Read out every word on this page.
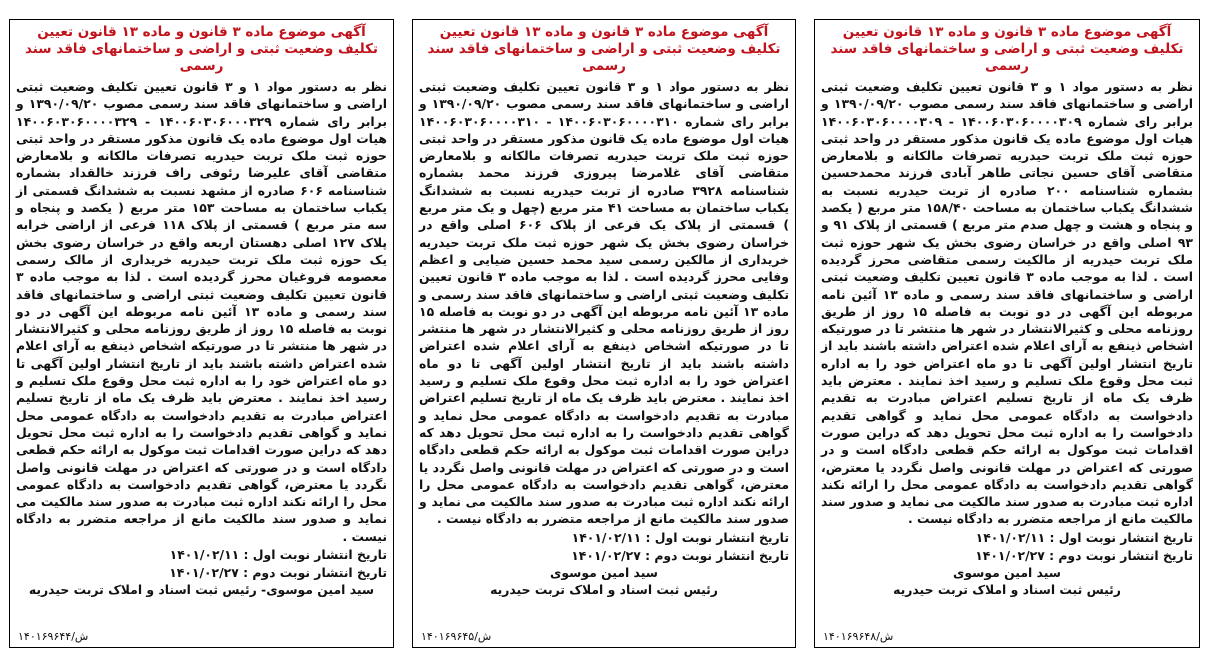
آگهی موضوع ماده ۳ قانون و ماده ۱۳ قانون تعیین تکلیف وضعیت ثبتی و اراضی و ساختمانهای فاقد سند رسمی

نظر به دستور مواد ۱ و ۳ قانون تعیین تکلیف وضعیت ثبتی اراضی و ساختمانهای فاقد سند رسمی مصوب ۱۳۹۰/۰۹/۲۰ و برابر رای شماره ۱۴۰۰۶۰۳۰۶۰۰۰۳۲۹ - ۱۴۰۰۶۰۳۰۶۰۰۰۰۳۲۹ هیات اول موضوع ماده یک قانون مذکور مستقر در واحد ثبتی حوزه ثبت ملک تربت حیدریه تصرفات مالکانه و بلامعارض متقاضی آقای علیرضا رئوفی راف فرزند خالقداد بشماره شناسنامه ۶۰۶ صادره از مشهد نسبت به ششدانگ قسمتی از یکباب ساختمان به مساحت ۱۵۳ متر مربع ( یکصد و پنجاه و سه متر مربع ) قسمتی از پلاک ۱۱۸ فرعی از اراضی خرابه پلاک ۱۲۷ اصلی دهستان اربعه واقع در خراسان رضوی بخش یک حوزه ثبت ملک تربت حیدریه خریداری از مالک رسمی معصومه فروغیان محرز گردیده است . لذا به موجب ماده ۳ قانون تعیین تکلیف وضعیت ثبتی اراضی و ساختمانهای فاقد سند رسمی و ماده ۱۳ آئین نامه مربوطه این آگهی در دو نوبت به فاصله ۱۵ روز از طریق روزنامه محلی و کثیرالانتشار در شهر ها منتشر تا در صورتیکه اشخاص ذینفع به آرای اعلام شده اعتراض داشته باشند باید از تاریخ انتشار اولین آگهی تا دو ماه اعتراض خود را به اداره ثبت محل وقوع ملک تسلیم و رسید اخذ نمایند . معترض باید ظرف یک ماه از تاریخ تسلیم اعتراض مبادرت به تقدیم دادخواست به دادگاه عمومی محل نماید و گواهی تقدیم دادخواست را به اداره ثبت محل تحویل دهد که دراین صورت اقدامات ثبت موکول به ارائه حکم قطعی دادگاه است و در صورتی که اعتراض در مهلت قانونی واصل نگردد یا معترض، گواهی تقدیم دادخواست به دادگاه عمومی محل را ارائه نکند اداره ثبت مبادرت به صدور سند مالکیت می نماید و صدور سند مالکیت مانع از مراجعه متضرر به دادگاه نیست .

تاریخ انتشار نوبت اول : ۱۴۰۱/۰۲/۱۱
تاریخ انتشار نوبت دوم : ۱۴۰۱/۰۲/۲۷
سید امین موسوی- رئیس ثبت اسناد و املاک تربت حیدریه
ش/۱۴۰۱۶۹۶۴۴
آگهی موضوع ماده ۳ قانون و ماده ۱۳ قانون تعیین تکلیف وضعیت ثبتی و اراضی و ساختمانهای فاقد سند رسمی

نظر به دستور مواد ۱ و ۳ قانون تعیین تکلیف وضعیت ثبتی اراضی و ساختمانهای فاقد سند رسمی مصوب ۱۳۹۰/۰۹/۲۰ و برابر رای شماره ۱۴۰۰۶۰۳۰۶۰۰۰۰۳۱۰ - ۱۴۰۰۶۰۳۰۶۰۰۰۰۳۱۰ هیات اول موضوع ماده یک قانون مذکور مستقر در واحد ثبتی حوزه ثبت ملک تربت حیدریه تصرفات مالکانه و بلامعارض متقاضی آقای غلامرضا پیروزی فرزند محمد بشماره شناسنامه ۳۹۲۸ صادره از تربت حیدریه نسبت به ششدانگ یکباب ساختمان به مساحت ۴۱ متر مربع (چهل و یک متر مربع ) قسمتی از پلاک یک فرعی از پلاک ۶۰۶ اصلی واقع در خراسان رضوی بخش یک شهر حوزه ثبت ملک تربت حیدریه خریداری از مالکین رسمی سید محمد حسین ضیایی و اعظم وفایی محرز گردیده است . لذا به موجب ماده ۳ قانون تعیین تکلیف وضعیت ثبتی اراضی و ساختمانهای فاقد سند رسمی و ماده ۱۳ آئین نامه مربوطه این آگهی در دو نوبت به فاصله ۱۵ روز از طریق روزنامه محلی و کثیرالانتشار در شهر ها منتشر تا در صورتیکه اشخاص ذینفع به آرای اعلام شده اعتراض داشته باشند باید از تاریخ انتشار اولین آگهی تا دو ماه اعتراض خود را به اداره ثبت محل وقوع ملک تسلیم و رسید اخذ نمایند . معترض باید ظرف یک ماه از تاریخ تسلیم اعتراض مبادرت به تقدیم دادخواست به دادگاه عمومی محل نماید و گواهی تقدیم دادخواست را به اداره ثبت محل تحویل دهد که دراین صورت اقدامات ثبت موکول به ارائه حکم قطعی دادگاه است و در صورتی که اعتراض در مهلت قانونی واصل نگردد یا معترض، گواهی تقدیم دادخواست به دادگاه عمومی محل را ارائه نکند اداره ثبت مبادرت به صدور سند مالکیت می نماید و صدور سند مالکیت مانع از مراجعه متضرر به دادگاه نیست .

تاریخ انتشار نوبت اول : ۱۴۰۱/۰۲/۱۱
تاریخ انتشار نوبت دوم : ۱۴۰۱/۰۲/۲۷
سید امین موسوی
رئیس ثبت اسناد و املاک تربت حیدریه
ش/۱۴۰۱۶۹۶۴۵
آگهی موضوع ماده ۳ قانون و ماده ۱۳ قانون تعیین تکلیف وضعیت ثبتی و اراضی و ساختمانهای فاقد سند رسمی

نظر به دستور مواد ۱ و ۳ قانون تعیین تکلیف وضعیت ثبتی اراضی و ساختمانهای فاقد سند رسمی مصوب ۱۳۹۰/۰۹/۲۰ و برابر رای شماره ۱۴۰۰۶۰۳۰۶۰۰۰۰۳۰۹ - ۱۴۰۰۶۰۳۰۶۰۰۰۰۳۰۹ هیات اول موضوع ماده یک قانون مذکور مستقر در واحد ثبتی حوزه ثبت ملک تربت حیدریه تصرفات مالکانه و بلامعارض متقاضی آقای حسین نجاتی طاهر آبادی فرزند محمدحسین بشماره شناسنامه ۲۰۰ صادره از تربت حیدریه نسبت به ششدانگ یکباب ساختمان به مساحت ۱۵۸/۴۰ متر مربع ( یکصد و پنجاه و هشت و چهل صدم متر مربع ) قسمتی از پلاک ۹۱ و ۹۳ اصلی واقع در خراسان رضوی بخش یک شهر حوزه ثبت ملک تربت حیدریه از مالکیت رسمی متقاضی محرز گردیده است . لذا به موجب ماده ۳ قانون تعیین تکلیف وضعیت ثبتی اراضی و ساختمانهای فاقد سند رسمی و ماده ۱۳ آئین نامه مربوطه این آگهی در دو نوبت به فاصله ۱۵ روز از طریق روزنامه محلی و کثیرالانتشار در شهر ها منتشر تا در صورتیکه اشخاص ذینفع به آرای اعلام شده اعتراض داشته باشند باید از تاریخ انتشار اولین آگهی تا دو ماه اعتراض خود را به اداره ثبت محل وقوع ملک تسلیم و رسید اخذ نمایند . معترض باید ظرف یک ماه از تاریخ تسلیم اعتراض مبادرت به تقدیم دادخواست به دادگاه عمومی محل نماید و گواهی تقدیم دادخواست را به اداره ثبت محل تحویل دهد که دراین صورت اقدامات ثبت موکول به ارائه حکم قطعی دادگاه است و در صورتی که اعتراض در مهلت قانونی واصل نگردد یا معترض، گواهی تقدیم دادخواست به دادگاه عمومی محل را ارائه نکند اداره ثبت مبادرت به صدور سند مالکیت می نماید و صدور سند مالکیت مانع از مراجعه متضرر به دادگاه نیست .

تاریخ انتشار نوبت اول : ۱۴۰۱/۰۲/۱۱
تاریخ انتشار نوبت دوم : ۱۴۰۱/۰۲/۲۷
سید امین موسوی
رئیس ثبت اسناد و املاک تربت حیدریه
ش/۱۴۰۱۶۹۶۴۸
